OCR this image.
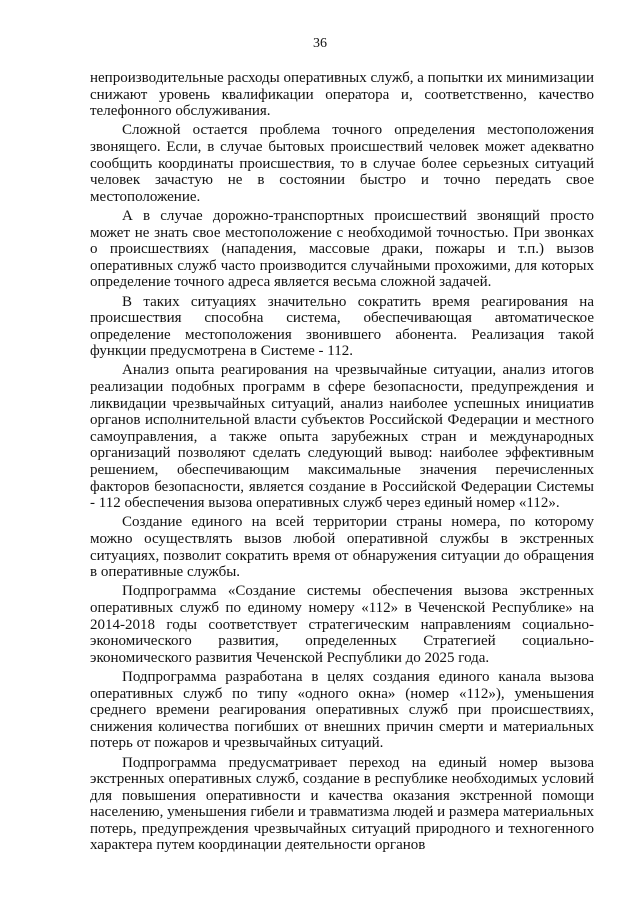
36

непроизводительные расходы оперативных служб, а попытки их минимизации снижают уровень квалификации оператора и, соответственно, качество телефонного обслуживания.

Сложной остается проблема точного определения местоположения звонящего. Если, в случае бытовых происшествий человек может адекватно сообщить координаты происшествия, то в случае более серьезных ситуаций человек зачастую не в состоянии быстро и точно передать свое местоположение.

А в случае дорожно-транспортных происшествий звонящий просто может не знать свое местоположение с необходимой точностью. При звонках о происшествиях (нападения, массовые драки, пожары и т.п.) вызов оперативных служб часто производится случайными прохожими, для которых определение точного адреса является весьма сложной задачей.

В таких ситуациях значительно сократить время реагирования на происшествия способна система, обеспечивающая автоматическое определение местоположения звонившего абонента. Реализация такой функции предусмотрена в Системе - 112.

Анализ опыта реагирования на чрезвычайные ситуации, анализ итогов реализации подобных программ в сфере безопасности, предупреждения и ликвидации чрезвычайных ситуаций, анализ наиболее успешных инициатив органов исполнительной власти субъектов Российской Федерации и местного самоуправления, а также опыта зарубежных стран и международных организаций позволяют сделать следующий вывод: наиболее эффективным решением, обеспечивающим максимальные значения перечисленных факторов безопасности, является создание в Российской Федерации Системы - 112 обеспечения вызова оперативных служб через единый номер «112».

Создание единого на всей территории страны номера, по которому можно осуществлять вызов любой оперативной службы в экстренных ситуациях, позволит сократить время от обнаружения ситуации до обращения в оперативные службы.

Подпрограмма «Создание системы обеспечения вызова экстренных оперативных служб по единому номеру «112» в Чеченской Республике» на 2014-2018 годы соответствует стратегическим направлениям социально-экономического развития, определенных Стратегией социально-экономического развития Чеченской Республики до 2025 года.

Подпрограмма разработана в целях создания единого канала вызова оперативных служб по типу «одного окна» (номер «112»), уменьшения среднего времени реагирования оперативных служб при происшествиях, снижения количества погибших от внешних причин смерти и материальных потерь от пожаров и чрезвычайных ситуаций.

Подпрограмма предусматривает переход на единый номер вызова экстренных оперативных служб, создание в республике необходимых условий для повышения оперативности и качества оказания экстренной помощи населению, уменьшения гибели и травматизма людей и размера материальных потерь, предупреждения чрезвычайных ситуаций природного и техногенного характера путем координации деятельности органов
